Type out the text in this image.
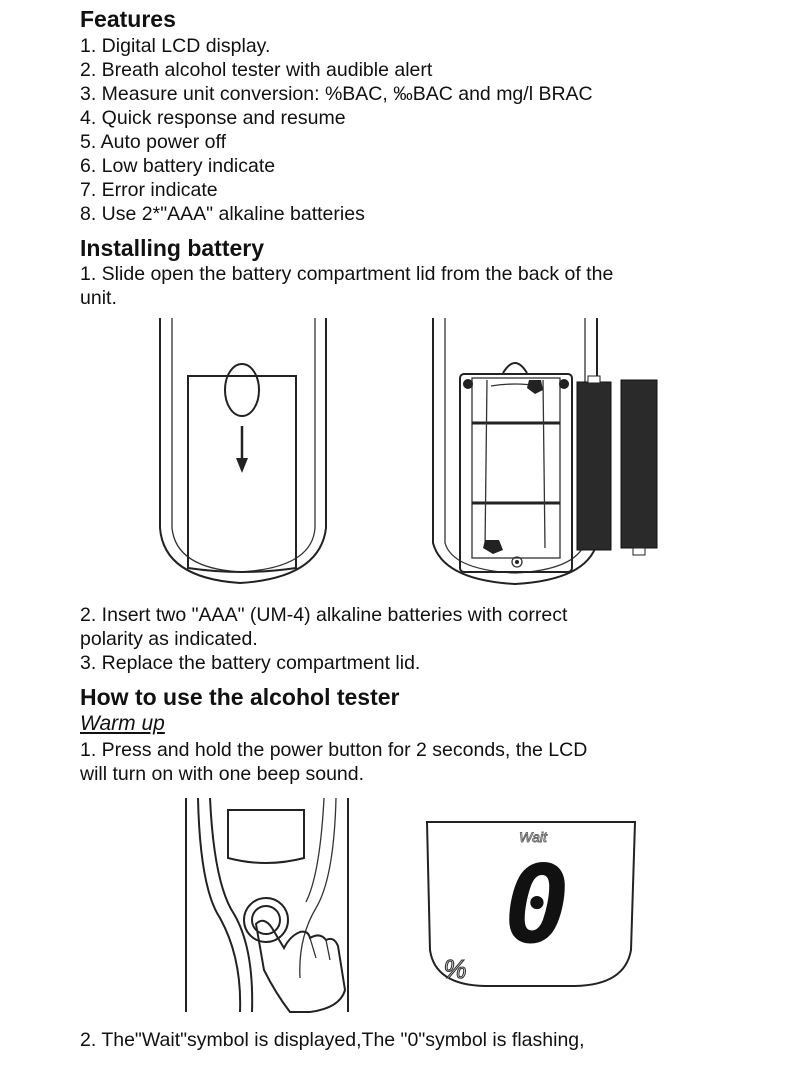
Features

1. Digital LCD display.

2. Breath alcohol tester with audible alert

3. Measure unit conversion: %BAC, ‰BAC and mg/l BRAC

4. Quick response and resume

5. Auto power off

6. Low battery indicate

7. Error indicate

8. Use 2*"AAA" alkaline batteries

Installing battery

1. Slide open the battery compartment lid from the back of the

unit.

2. Insert two "AAA" (UM-4) alkaline batteries with correct

polarity as indicated.

3. Replace the battery compartment lid.

How to use the alcohol tester

Warm up

1. Press and hold the power button for 2 seconds, the LCD

will turn on with one beep sound.

Wait
0
%

2. The"Wait"symbol is displayed,The "0"symbol is flashing,
